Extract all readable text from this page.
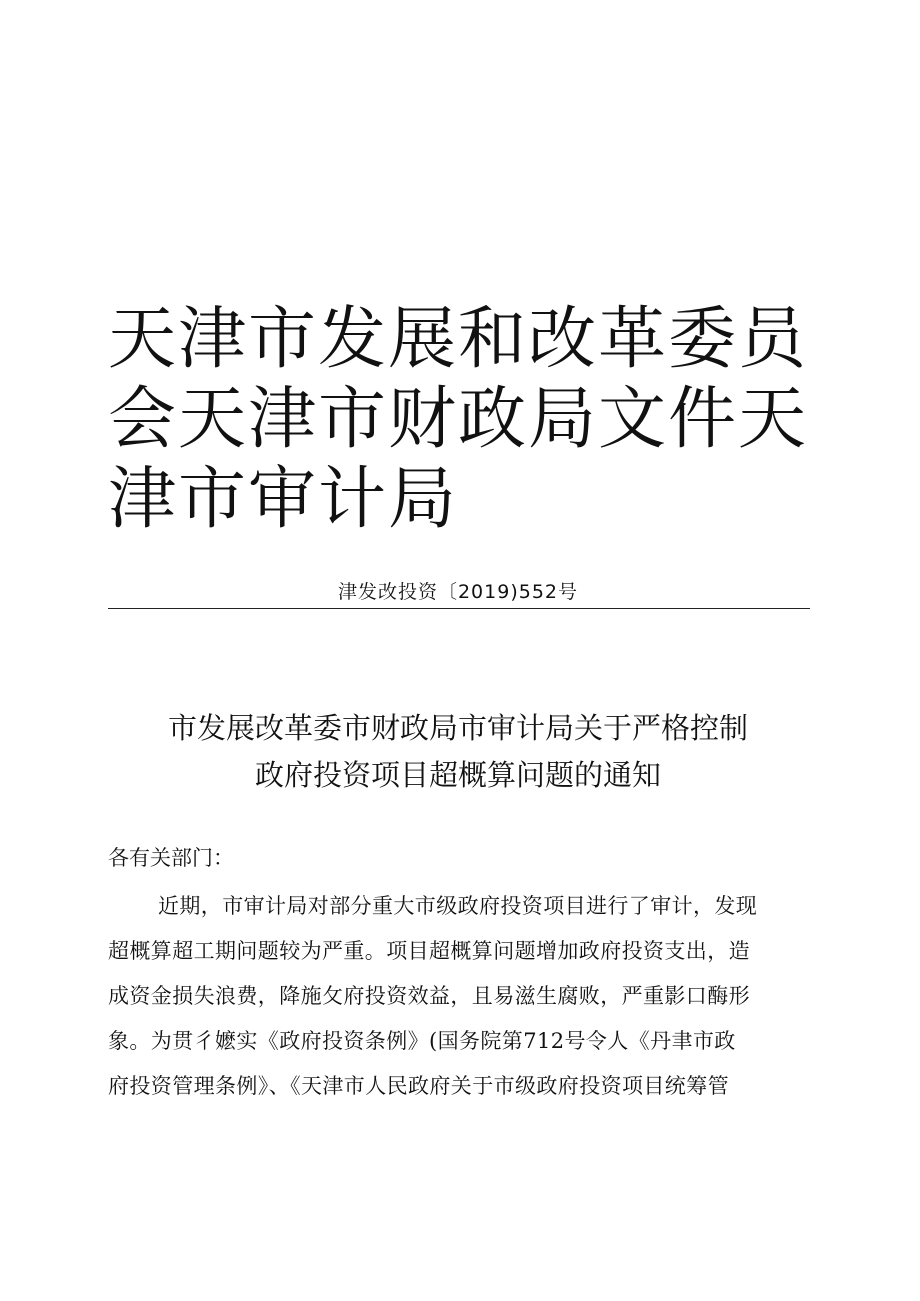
天津市发展和改革委员
会天津市财政局文件天
津市审计局
津发改投资〔2019)552号
市发展改革委市财政局市审计局关于严格控制
政府投资项目超概算问题的通知
各有关部门：
近期，市审计局对部分重大市级政府投资项目进行了审计，发现
超概算超工期问题较为严重。项目超概算问题增加政府投资支出，造
成资金损失浪费，降施攵府投资效益，且易滋生腐败，严重影口酶形
象。为贯彳嬷实《政府投资条例》(国务院第712号令人《丹聿市政
府投资管理条例》、《天津市人民政府关于市级政府投资项目统筹管
